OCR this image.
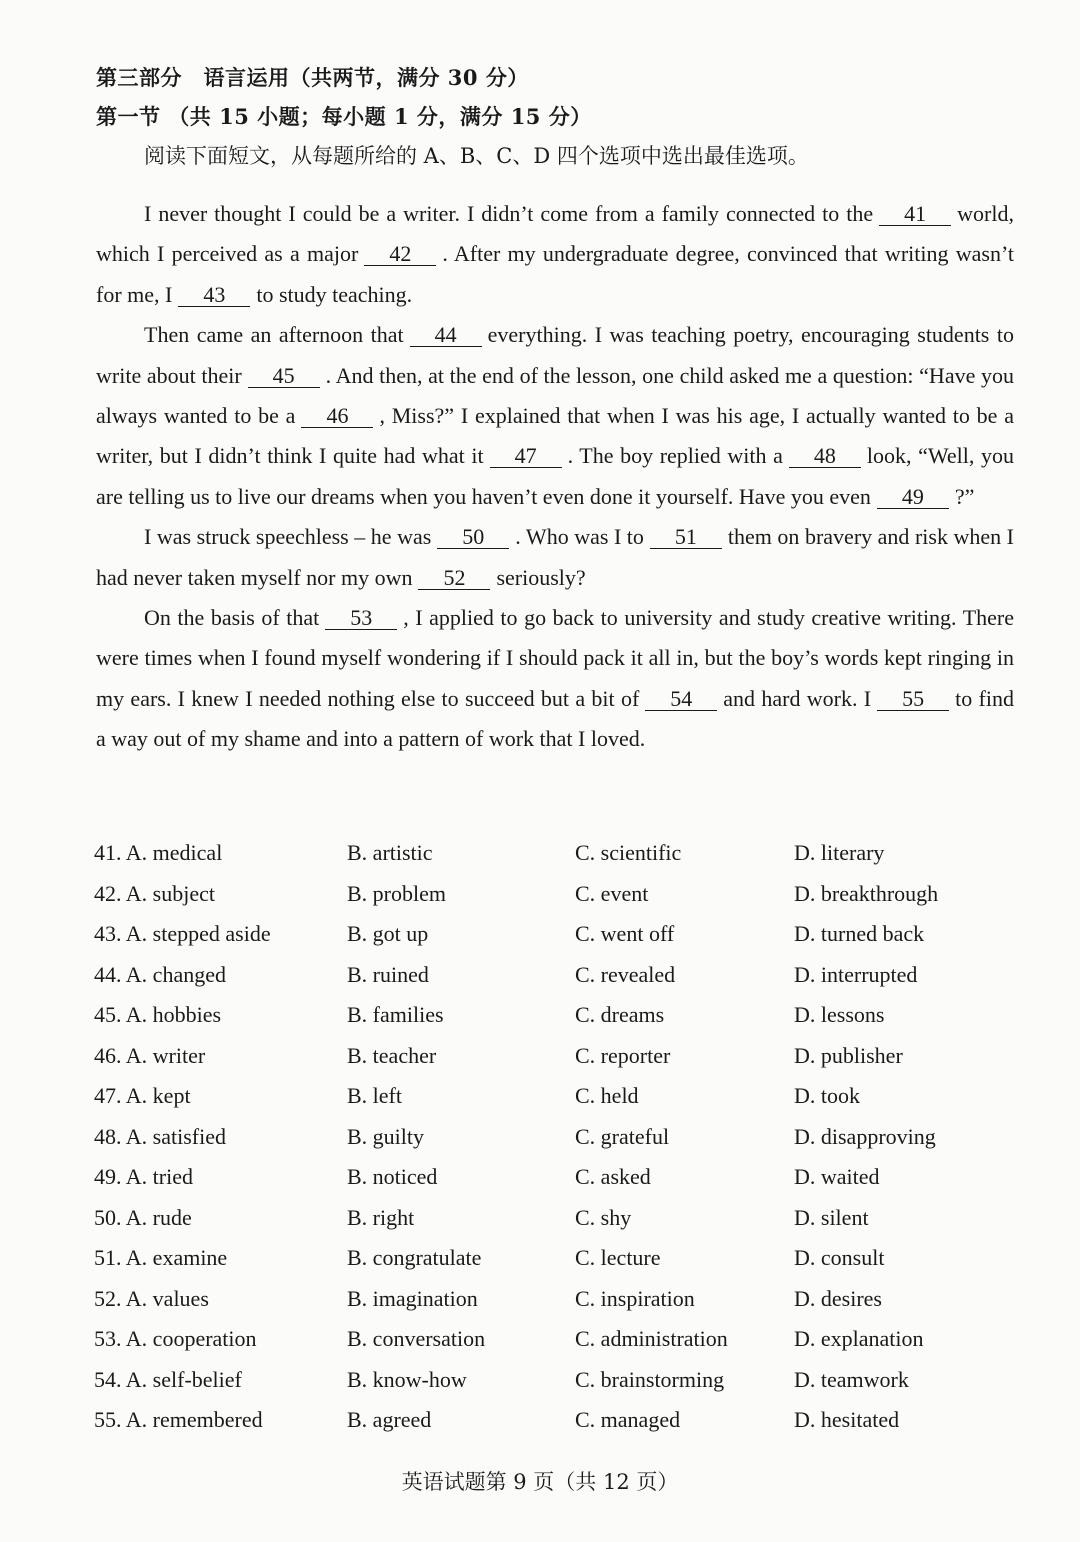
第三部分　语言运用（共两节，满分 30 分）
第一节 （共 15 小题；每小题 1 分，满分 15 分）
阅读下面短文，从每题所给的 A、B、C、D 四个选项中选出最佳选项。

I never thought I could be a writer. I didn’t come from a family connected to the 41 world, which I perceived as a major 42 . After my undergraduate degree, convinced that writing wasn’t for me, I 43 to study teaching.

Then came an afternoon that 44 everything. I was teaching poetry, encouraging students to write about their 45 . And then, at the end of the lesson, one child asked me a question: “Have you always wanted to be a 46 , Miss?” I explained that when I was his age, I actually wanted to be a writer, but I didn’t think I quite had what it 47 . The boy replied with a 48 look, “Well, you are telling us to live our dreams when you haven’t even done it yourself. Have you even 49 ?”

I was struck speechless – he was 50 . Who was I to 51 them on bravery and risk when I had never taken myself nor my own 52 seriously?

On the basis of that 53 , I applied to go back to university and study creative writing. There were times when I found myself wondering if I should pack it all in, but the boy’s words kept ringing in my ears. I knew I needed nothing else to succeed but a bit of 54 and hard work. I 55 to find a way out of my shame and into a pattern of work that I loved.

41. A. medical	B. artistic	C. scientific	D. literary
42. A. subject	B. problem	C. event	D. breakthrough
43. A. stepped aside	B. got up	C. went off	D. turned back
44. A. changed	B. ruined	C. revealed	D. interrupted
45. A. hobbies	B. families	C. dreams	D. lessons
46. A. writer	B. teacher	C. reporter	D. publisher
47. A. kept	B. left	C. held	D. took
48. A. satisfied	B. guilty	C. grateful	D. disapproving
49. A. tried	B. noticed	C. asked	D. waited
50. A. rude	B. right	C. shy	D. silent
51. A. examine	B. congratulate	C. lecture	D. consult
52. A. values	B. imagination	C. inspiration	D. desires
53. A. cooperation	B. conversation	C. administration	D. explanation
54. A. self-belief	B. know-how	C. brainstorming	D. teamwork
55. A. remembered	B. agreed	C. managed	D. hesitated
英语试题第 9 页（共 12 页）
